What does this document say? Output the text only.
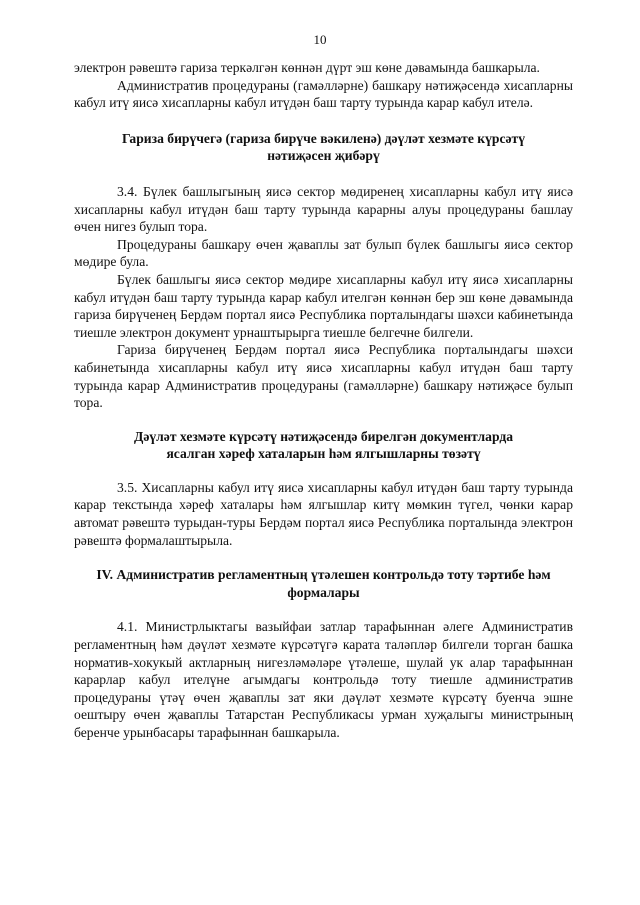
10

электрон рәвештә гариза теркәлгән көннән дүрт эш көне дәвамында башкарыла.

Административ процедураны (гамәлләрне) башкару нәтиҗәсендә хисапларны кабул итү яисә хисапларны кабул итүдән баш тарту турында карар кабул ителә.

Гариза бирүчегә (гариза бирүче вәкиленә) дәүләт хезмәте күрсәтү нәтиҗәсен җибәрү

3.4. Бүлек башлыгының яисә сектор мөдиренең хисапларны кабул итү яисә хисапларны кабул итүдән баш тарту турында карарны алуы процедураны башлау өчен нигез булып тора.

Процедураны башкару өчен җаваплы зат булып бүлек башлыгы яисә сектор мөдире була.

Бүлек башлыгы яисә сектор мөдире хисапларны кабул итү яисә хисапларны кабул итүдән баш тарту турында карар кабул ителгән көннән бер эш көне дәвамында гариза бирүченең Бердәм портал яисә Республика порталындагы шәхси кабинетында тиешле электрон документ урнаштырырга тиешле белгечне билгели.

Гариза бирүченең Бердәм портал яисә Республика порталындагы шәхси кабинетында хисапларны кабул итү яисә хисапларны кабул итүдән баш тарту турында карар Административ процедураны (гамәлләрне) башкару нәтиҗәсе булып тора.

Дәүләт хезмәте күрсәтү нәтиҗәсендә бирелгән документларда ясалган хәреф хаталарын һәм ялгышларны төзәтү

3.5. Хисапларны кабул итү яисә хисапларны кабул итүдән баш тарту турында карар текстында хәреф хаталары һәм ялгышлар китү мөмкин түгел, чөнки карар автомат рәвештә турыдан-туры Бердәм портал яисә Республика порталында электрон рәвештә формалаштырыла.

IV. Административ регламентның үтәлешен контрольдә тоту тәртибе һәм формалары

4.1. Министрлыктагы вазыйфаи затлар тарафыннан әлеге Административ регламентның һәм дәүләт хезмәте күрсәтүгә карата таләпләр билгели торган башка норматив-хокукый актларның нигезләмәләре үтәлеше, шулай ук алар тарафыннан карарлар кабул ителүне агымдагы контрольдә тоту тиешле административ процедураны үтәү өчен җаваплы зат яки дәүләт хезмәте күрсәтү буенча эшне оештыру өчен җаваплы Татарстан Республикасы урман хуҗалыгы министрының беренче урынбасары тарафыннан башкарыла.
